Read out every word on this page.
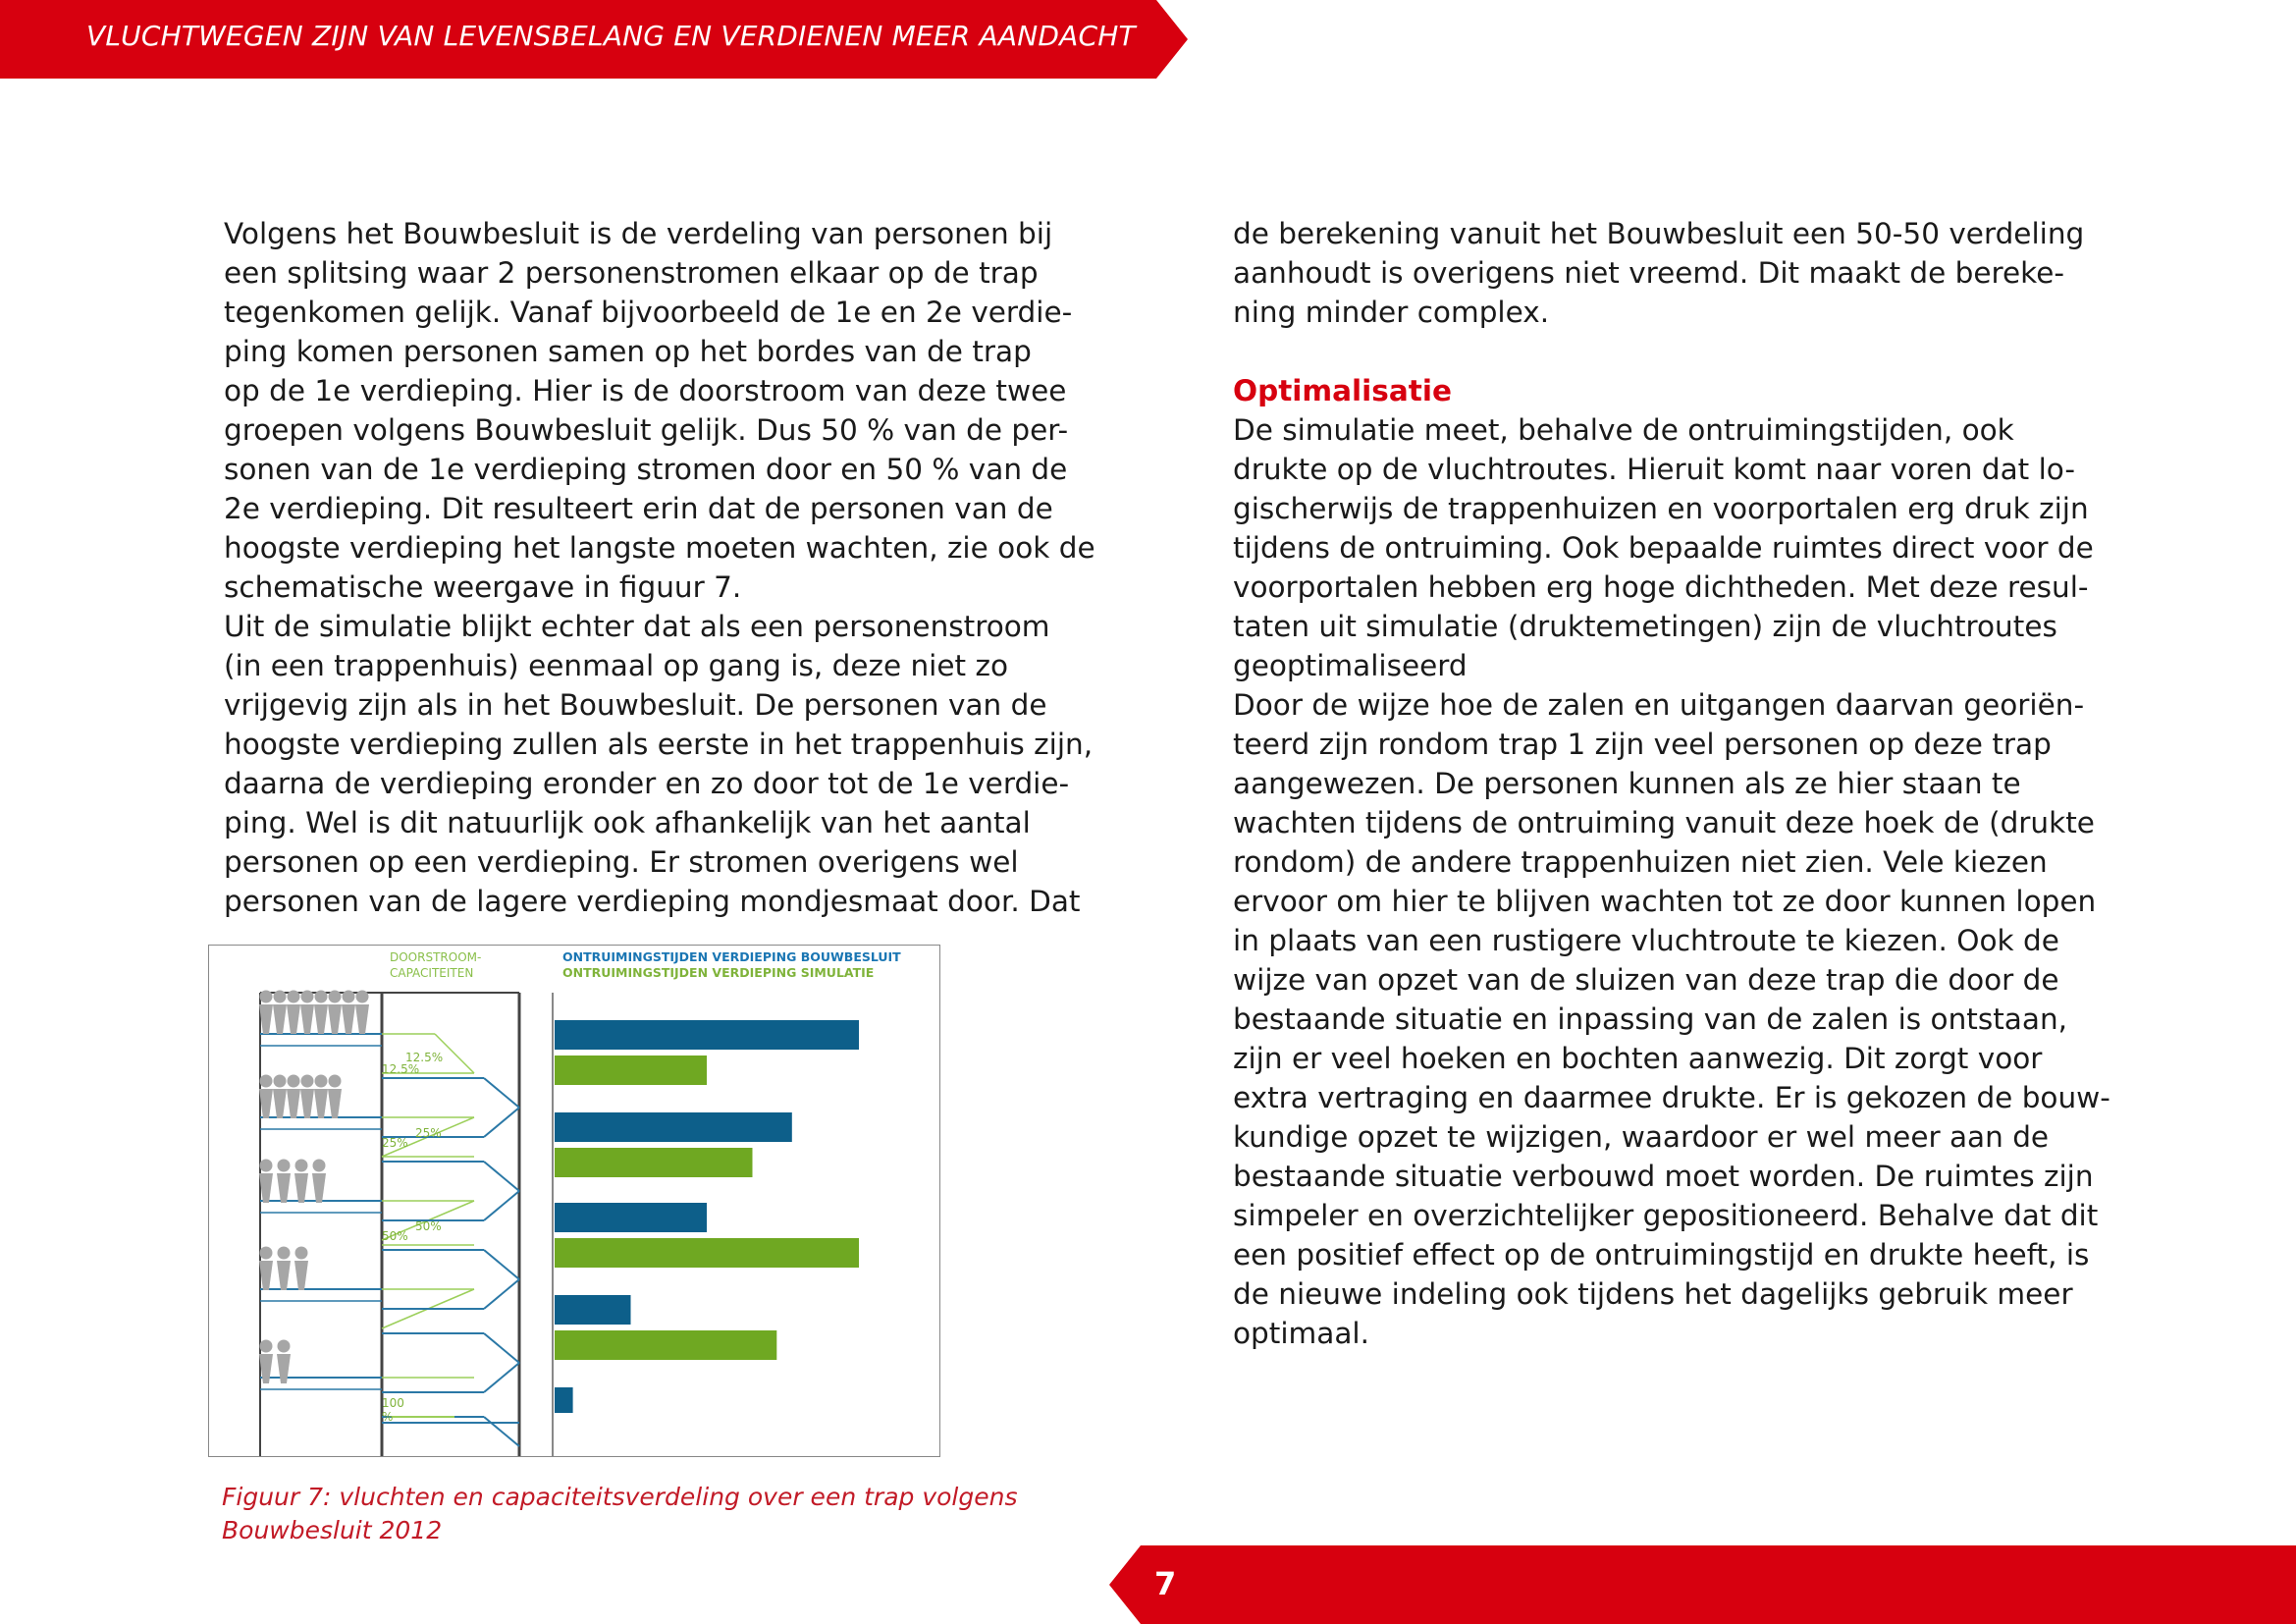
VLUCHTWEGEN ZIJN VAN LEVENSBELANG EN VERDIENEN MEER AANDACHT
Volgens het Bouwbesluit is de verdeling van personen bij
een splitsing waar 2 personenstromen elkaar op de trap
tegenkomen gelijk. Vanaf bijvoorbeeld de 1e en 2e verdie-
ping komen personen samen op het bordes van de trap
op de 1e verdieping. Hier is de doorstroom van deze twee
groepen volgens Bouwbesluit gelijk. Dus 50 % van de per-
sonen van de 1e verdieping stromen door en 50 % van de
2e verdieping. Dit resulteert erin dat de personen van de
hoogste verdieping het langste moeten wachten, zie ook de
schematische weergave in figuur 7.
Uit de simulatie blijkt echter dat als een personenstroom
(in een trappenhuis) eenmaal op gang is, deze niet zo
vrijgevig zijn als in het Bouwbesluit. De personen van de
hoogste verdieping zullen als eerste in het trappenhuis zijn,
daarna de verdieping eronder en zo door tot de 1e verdie-
ping. Wel is dit natuurlijk ook afhankelijk van het aantal
personen op een verdieping. Er stromen overigens wel
personen van de lagere verdieping mondjesmaat door. Dat
de berekening vanuit het Bouwbesluit een 50-50 verdeling
aanhoudt is overigens niet vreemd. Dit maakt de bereke-
ning minder complex.
Optimalisatie
De simulatie meet, behalve de ontruimingstijden, ook
drukte op de vluchtroutes. Hieruit komt naar voren dat lo-
gischerwijs de trappenhuizen en voorportalen erg druk zijn
tijdens de ontruiming. Ook bepaalde ruimtes direct voor de
voorportalen hebben erg hoge dichtheden. Met deze resul-
taten uit simulatie (druktemetingen) zijn de vluchtroutes
geoptimaliseerd
Door de wijze hoe de zalen en uitgangen daarvan georiën-
teerd zijn rondom trap 1 zijn veel personen op deze trap
aangewezen. De personen kunnen als ze hier staan te
wachten tijdens de ontruiming vanuit deze hoek de (drukte
rondom) de andere trappenhuizen niet zien. Vele kiezen
ervoor om hier te blijven wachten tot ze door kunnen lopen
in plaats van een rustigere vluchtroute te kiezen. Ook de
wijze van opzet van de sluizen van deze trap die door de
bestaande situatie en inpassing van de zalen is ontstaan,
zijn er veel hoeken en bochten aanwezig. Dit zorgt voor
extra vertraging en daarmee drukte. Er is gekozen de bouw-
kundige opzet te wijzigen, waardoor er wel meer aan de
bestaande situatie verbouwd moet worden. De ruimtes zijn
simpeler en overzichtelijker gepositioneerd. Behalve dat dit
een positief effect op de ontruimingstijd en drukte heeft, is
de nieuwe indeling ook tijdens het dagelijks gebruik meer
optimaal.
DOORSTROOM-
CAPACITEITEN
ONTRUIMINGSTIJDEN VERDIEPING BOUWBESLUIT
ONTRUIMINGSTIJDEN VERDIEPING SIMULATIE
12.5%
12.5%
25%
25%
50%
50%
100
%
Figuur 7: vluchten en capaciteitsverdeling over een trap volgens
Bouwbesluit 2012
7
